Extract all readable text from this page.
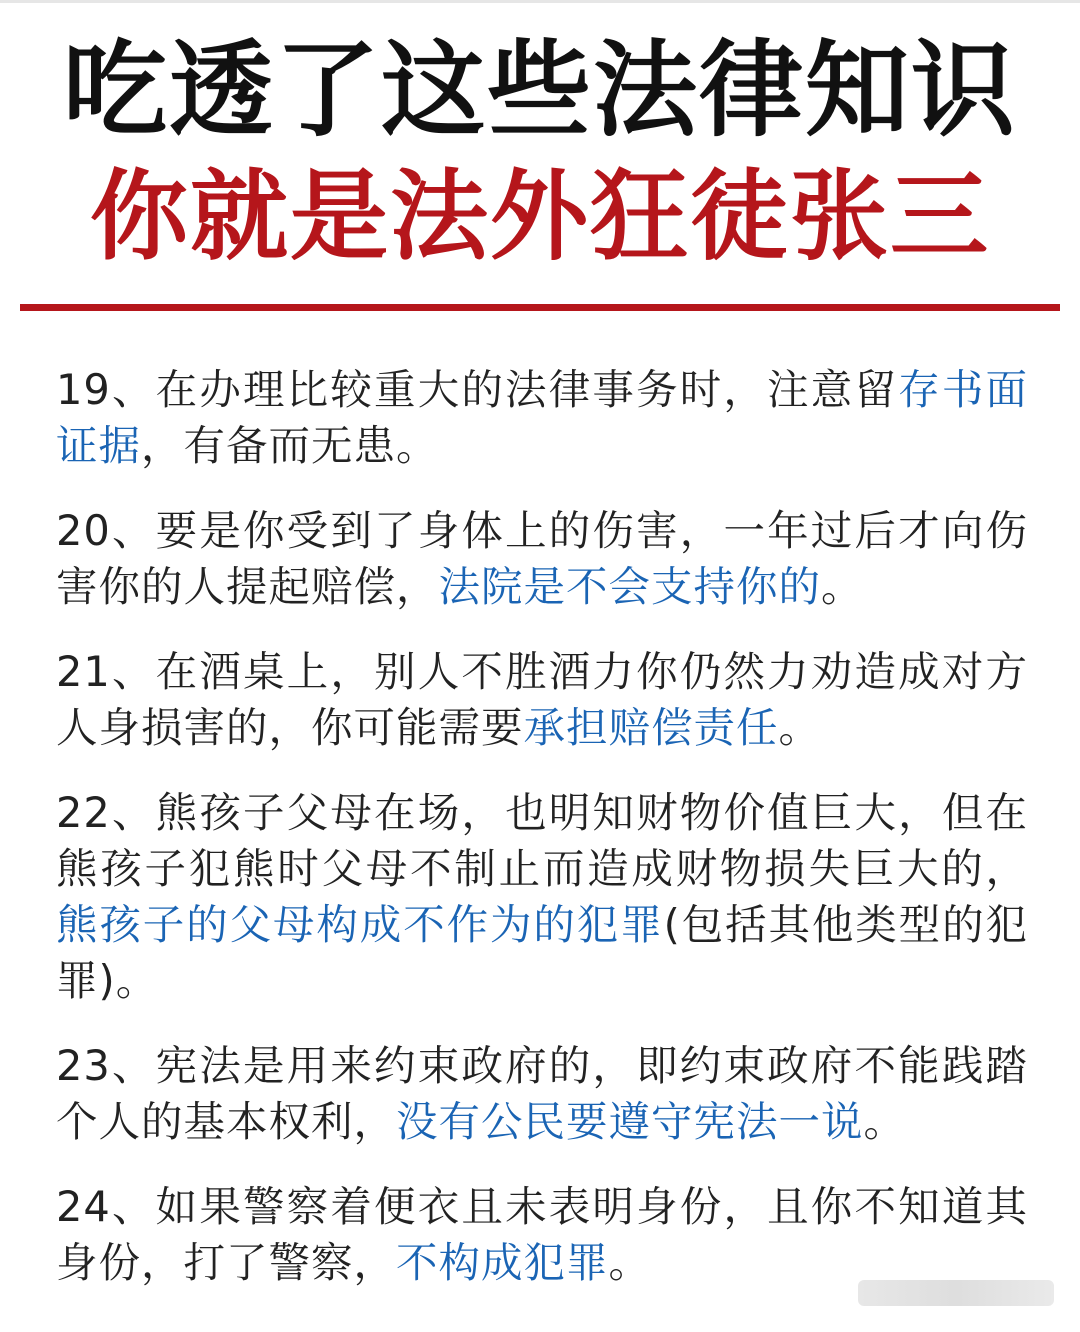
吃透了这些法律知识
你就是法外狂徒张三
19、在办理比较重大的法律事务时，注意留存书面证据，有备而无患。
20、要是你受到了身体上的伤害，一年过后才向伤害你的人提起赔偿，法院是不会支持你的。
21、在酒桌上，别人不胜酒力你仍然力劝造成对方人身损害的，你可能需要承担赔偿责任。
22、熊孩子父母在场，也明知财物价值巨大，但在熊孩子犯熊时父母不制止而造成财物损失巨大的，熊孩子的父母构成不作为的犯罪(包括其他类型的犯罪)。
23、宪法是用来约束政府的，即约束政府不能践踏个人的基本权利，没有公民要遵守宪法一说。
24、如果警察着便衣且未表明身份，且你不知道其身份，打了警察，不构成犯罪。
